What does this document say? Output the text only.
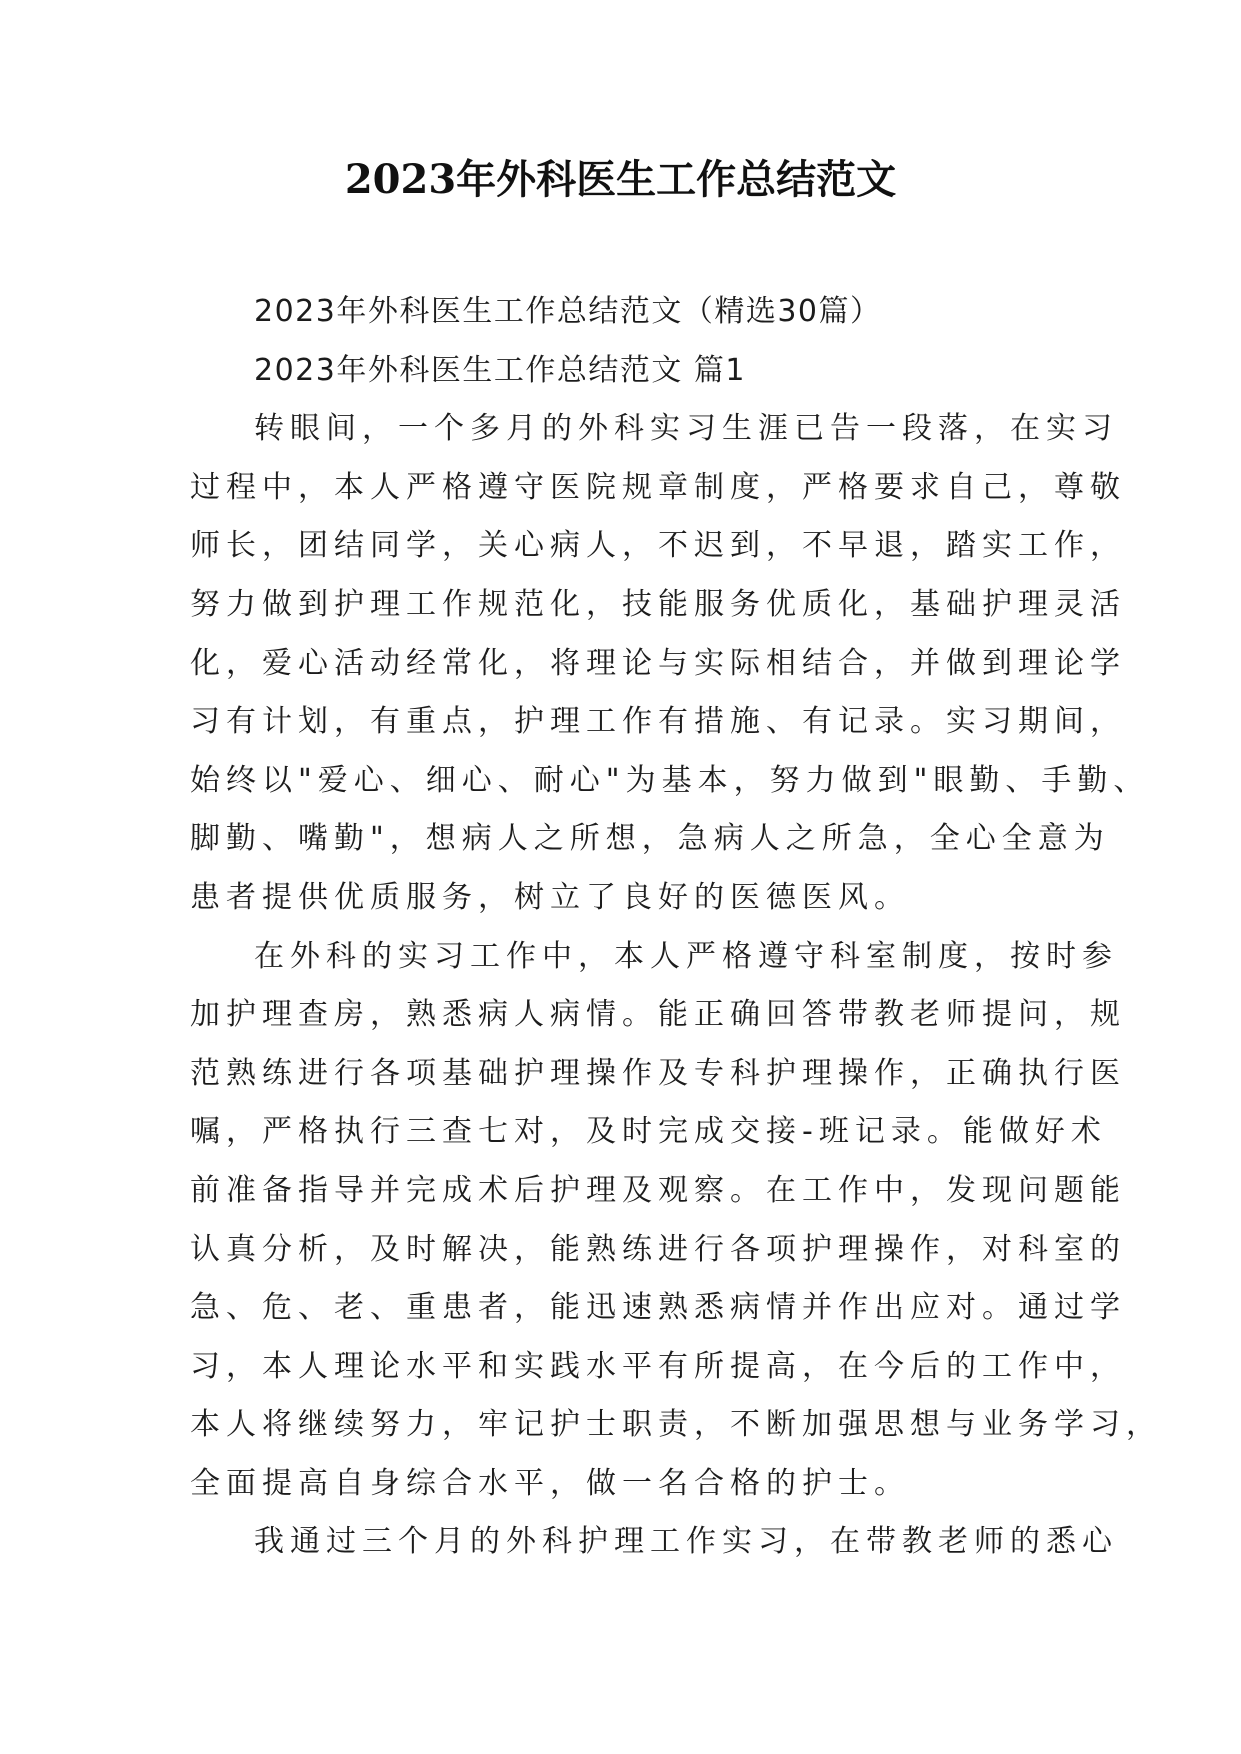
2023年外科医生工作总结范文
2023年外科医生工作总结范文（精选30篇）
2023年外科医生工作总结范文 篇1
转眼间，一个多月的外科实习生涯已告一段落，在实习
过程中，本人严格遵守医院规章制度，严格要求自己，尊敬
师长，团结同学，关心病人，不迟到，不早退，踏实工作，
努力做到护理工作规范化，技能服务优质化，基础护理灵活
化，爱心活动经常化，将理论与实际相结合，并做到理论学
习有计划，有重点，护理工作有措施、有记录。实习期间，
始终以"爱心、细心、耐心"为基本，努力做到"眼勤、手勤、
脚勤、嘴勤"，想病人之所想，急病人之所急，全心全意为
患者提供优质服务，树立了良好的医德医风。
在外科的实习工作中，本人严格遵守科室制度，按时参
加护理查房，熟悉病人病情。能正确回答带教老师提问，规
范熟练进行各项基础护理操作及专科护理操作，正确执行医
嘱，严格执行三查七对，及时完成交接-班记录。能做好术
前准备指导并完成术后护理及观察。在工作中，发现问题能
认真分析，及时解决，能熟练进行各项护理操作，对科室的
急、危、老、重患者，能迅速熟悉病情并作出应对。通过学
习，本人理论水平和实践水平有所提高，在今后的工作中，
本人将继续努力，牢记护士职责，不断加强思想与业务学习，
全面提高自身综合水平，做一名合格的护士。
我通过三个月的外科护理工作实习，在带教老师的悉心
